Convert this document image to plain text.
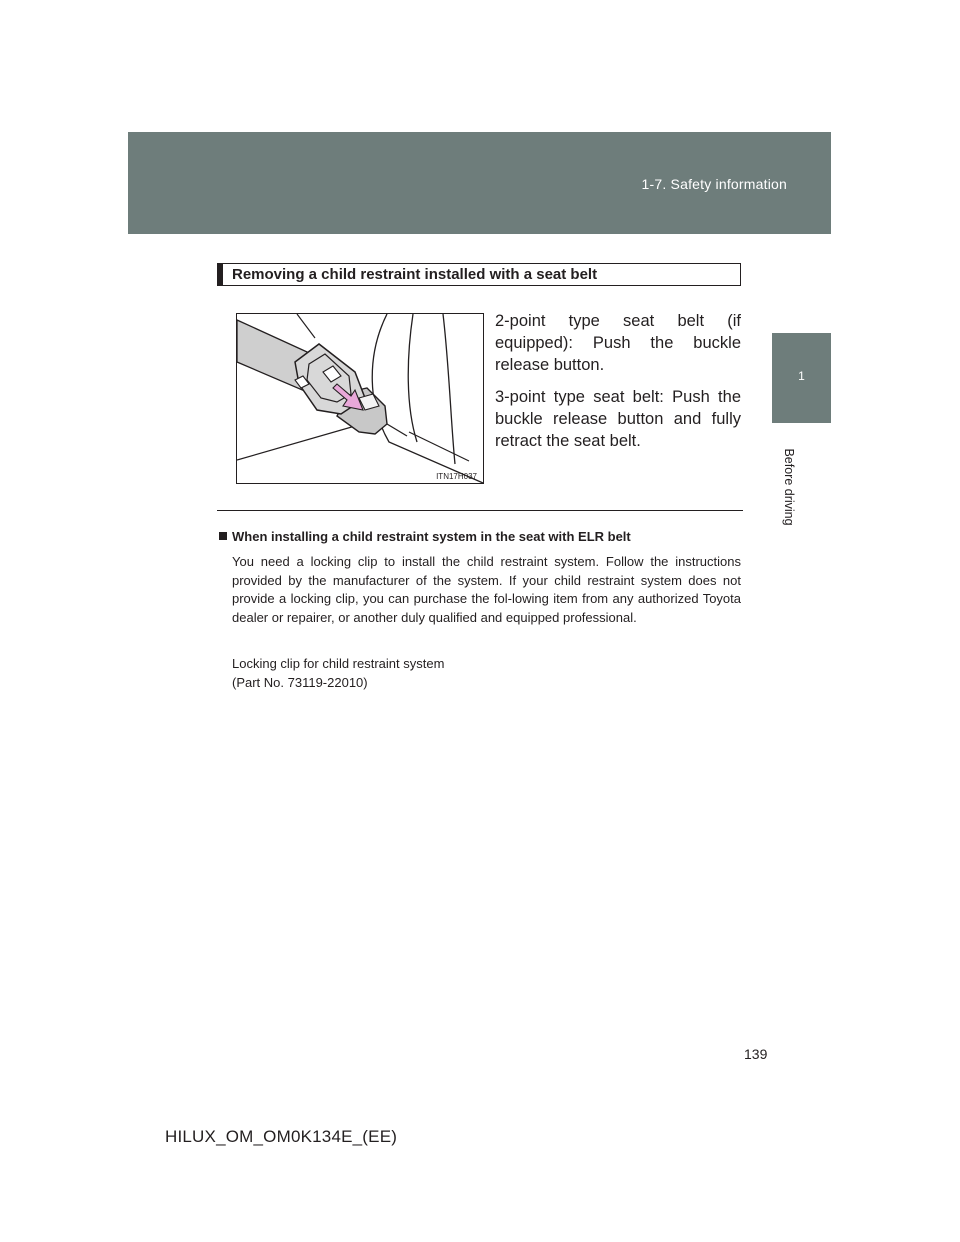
1-7. Safety information
1
Before driving
Removing a child restraint installed with a seat belt
ITN17H037

2-point type seat belt (if equipped): Push the buckle release button.

3-point type seat belt: Push the buckle release button and fully retract the seat belt.

When installing a child restraint system in the seat with ELR belt

You need a locking clip to install the child restraint system. Follow the instructions provided by the manufacturer of the system. If your child restraint system does not provide a locking clip, you can purchase the fol-lowing item from any authorized Toyota dealer or repairer, or another duly qualified and equipped professional.

Locking clip for child restraint system
(Part No. 73119-22010)

139
HILUX_OM_OM0K134E_(EE)
